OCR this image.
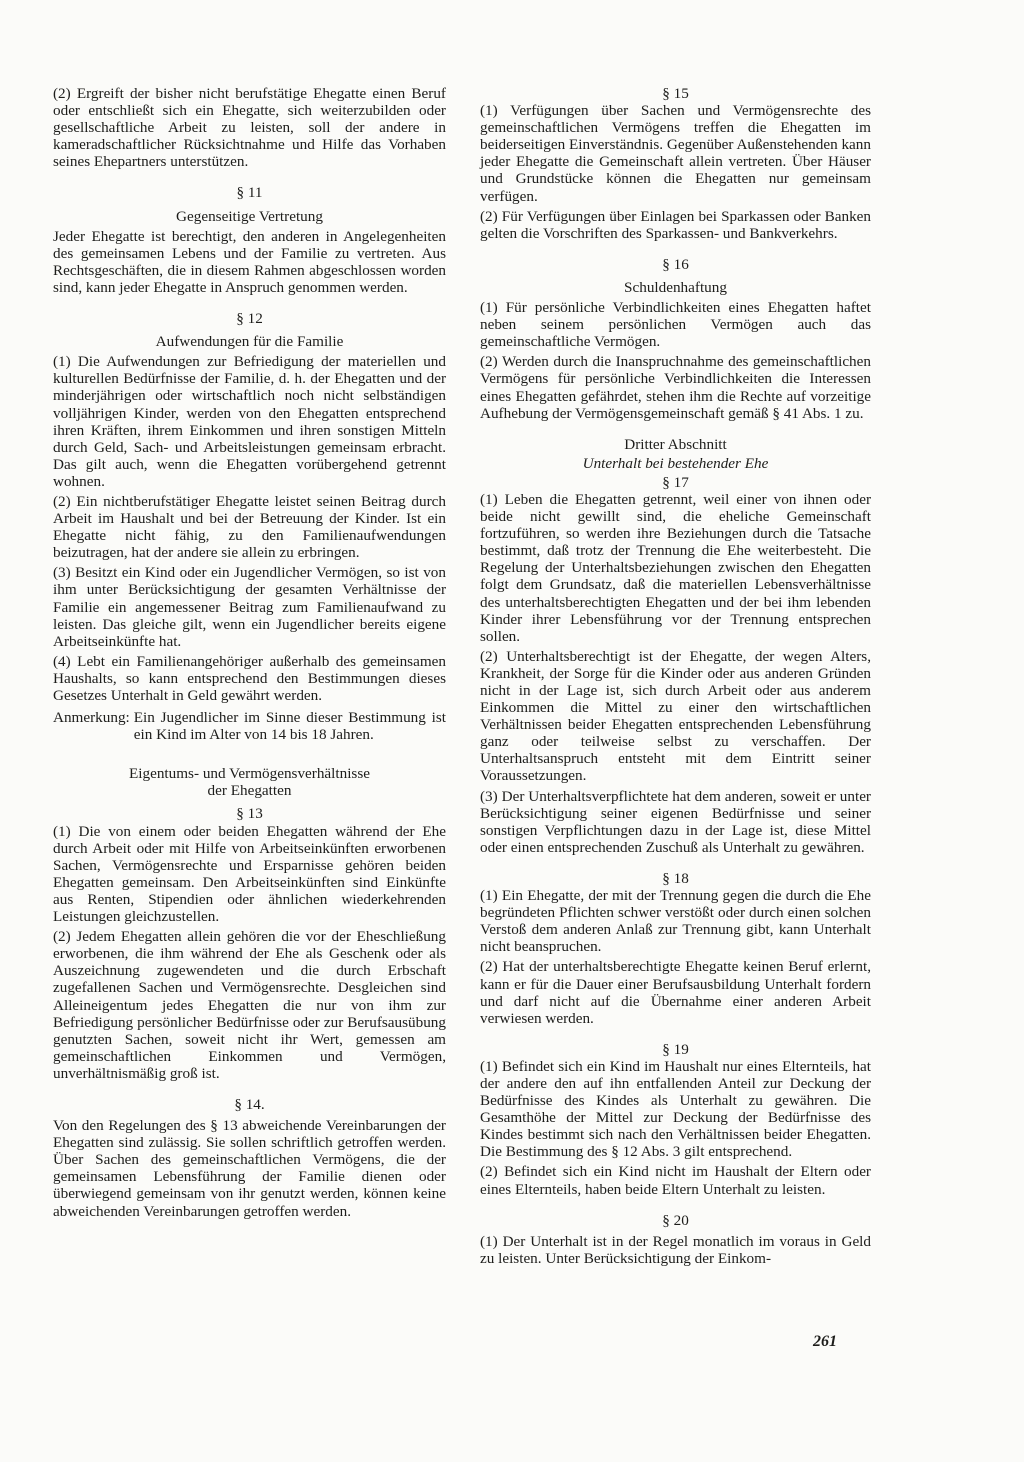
(2) Ergreift der bisher nicht berufstätige Ehegatte einen Beruf oder entschließt sich ein Ehegatte, sich weiterzubilden oder gesellschaftliche Arbeit zu leisten, soll der andere in kameradschaftlicher Rücksichtnahme und Hilfe das Vorhaben seines Ehepartners unterstützen.

§ 11

Gegenseitige Vertretung

Jeder Ehegatte ist berechtigt, den anderen in Angelegenheiten des gemeinsamen Lebens und der Familie zu vertreten. Aus Rechtsgeschäften, die in diesem Rahmen abgeschlossen worden sind, kann jeder Ehegatte in Anspruch genommen werden.

§ 12

Aufwendungen für die Familie

(1) Die Aufwendungen zur Befriedigung der materiellen und kulturellen Bedürfnisse der Familie, d. h. der Ehegatten und der minderjährigen oder wirtschaftlich noch nicht selbständigen volljährigen Kinder, werden von den Ehegatten entsprechend ihren Kräften, ihrem Einkommen und ihren sonstigen Mitteln durch Geld, Sach- und Arbeitsleistungen gemeinsam erbracht. Das gilt auch, wenn die Ehegatten vorübergehend getrennt wohnen.

(2) Ein nichtberufstätiger Ehegatte leistet seinen Beitrag durch Arbeit im Haushalt und bei der Betreuung der Kinder. Ist ein Ehegatte nicht fähig, zu den Familienaufwendungen beizutragen, hat der andere sie allein zu erbringen.

(3) Besitzt ein Kind oder ein Jugendlicher Vermögen, so ist von ihm unter Berücksichtigung der gesamten Verhältnisse der Familie ein angemessener Beitrag zum Familienaufwand zu leisten. Das gleiche gilt, wenn ein Jugendlicher bereits eigene Arbeitseinkünfte hat.

(4) Lebt ein Familienangehöriger außerhalb des gemeinsamen Haushalts, so kann entsprechend den Bestimmungen dieses Gesetzes Unterhalt in Geld gewährt werden.

Anmerkung: Ein Jugendlicher im Sinne dieser Bestimmung ist ein Kind im Alter von 14 bis 18 Jahren.

Eigentums- und Vermögensverhältnisse

der Ehegatten

§ 13

(1) Die von einem oder beiden Ehegatten während der Ehe durch Arbeit oder mit Hilfe von Arbeitseinkünften erworbenen Sachen, Vermögensrechte und Ersparnisse gehören beiden Ehegatten gemeinsam. Den Arbeitseinkünften sind Einkünfte aus Renten, Stipendien oder ähnlichen wiederkehrenden Leistungen gleichzustellen.

(2) Jedem Ehegatten allein gehören die vor der Eheschließung erworbenen, die ihm während der Ehe als Geschenk oder als Auszeichnung zugewendeten und die durch Erbschaft zugefallenen Sachen und Vermögensrechte. Desgleichen sind Alleineigentum jedes Ehegatten die nur von ihm zur Befriedigung persönlicher Bedürfnisse oder zur Berufsausübung genutzten Sachen, soweit nicht ihr Wert, gemessen am gemeinschaftlichen Einkommen und Vermögen, unverhältnismäßig groß ist.

§ 14.

Von den Regelungen des § 13 abweichende Vereinbarungen der Ehegatten sind zulässig. Sie sollen schriftlich getroffen werden. Über Sachen des gemeinschaftlichen Vermögens, die der gemeinsamen Lebensführung der Familie dienen oder überwiegend gemeinsam von ihr genutzt werden, können keine abweichenden Vereinbarungen getroffen werden.

§ 15

(1) Verfügungen über Sachen und Vermögensrechte des gemeinschaftlichen Vermögens treffen die Ehegatten im beiderseitigen Einverständnis. Gegenüber Außenstehenden kann jeder Ehegatte die Gemeinschaft allein vertreten. Über Häuser und Grundstücke können die Ehegatten nur gemeinsam verfügen.

(2) Für Verfügungen über Einlagen bei Sparkassen oder Banken gelten die Vorschriften des Sparkassen- und Bankverkehrs.

§ 16

Schuldenhaftung

(1) Für persönliche Verbindlichkeiten eines Ehegatten haftet neben seinem persönlichen Vermögen auch das gemeinschaftliche Vermögen.

(2) Werden durch die Inanspruchnahme des gemeinschaftlichen Vermögens für persönliche Verbindlichkeiten die Interessen eines Ehegatten gefährdet, stehen ihm die Rechte auf vorzeitige Aufhebung der Vermögensgemeinschaft gemäß § 41 Abs. 1 zu.

Dritter Abschnitt

Unterhalt bei bestehender Ehe

§ 17

(1) Leben die Ehegatten getrennt, weil einer von ihnen oder beide nicht gewillt sind, die eheliche Gemeinschaft fortzuführen, so werden ihre Beziehungen durch die Tatsache bestimmt, daß trotz der Trennung die Ehe weiterbesteht. Die Regelung der Unterhaltsbeziehungen zwischen den Ehegatten folgt dem Grundsatz, daß die materiellen Lebensverhältnisse des unterhaltsberechtigten Ehegatten und der bei ihm lebenden Kinder ihrer Lebensführung vor der Trennung entsprechen sollen.

(2) Unterhaltsberechtigt ist der Ehegatte, der wegen Alters, Krankheit, der Sorge für die Kinder oder aus anderen Gründen nicht in der Lage ist, sich durch Arbeit oder aus anderem Einkommen die Mittel zu einer den wirtschaftlichen Verhältnissen beider Ehegatten entsprechenden Lebensführung ganz oder teilweise selbst zu verschaffen. Der Unterhaltsanspruch entsteht mit dem Eintritt seiner Voraussetzungen.

(3) Der Unterhaltsverpflichtete hat dem anderen, soweit er unter Berücksichtigung seiner eigenen Bedürfnisse und seiner sonstigen Verpflichtungen dazu in der Lage ist, diese Mittel oder einen entsprechenden Zuschuß als Unterhalt zu gewähren.

§ 18

(1) Ein Ehegatte, der mit der Trennung gegen die durch die Ehe begründeten Pflichten schwer verstößt oder durch einen solchen Verstoß dem anderen Anlaß zur Trennung gibt, kann Unterhalt nicht beanspruchen.

(2) Hat der unterhaltsberechtigte Ehegatte keinen Beruf erlernt, kann er für die Dauer einer Berufsausbildung Unterhalt fordern und darf nicht auf die Übernahme einer anderen Arbeit verwiesen werden.

§ 19

(1) Befindet sich ein Kind im Haushalt nur eines Elternteils, hat der andere den auf ihn entfallenden Anteil zur Deckung der Bedürfnisse des Kindes als Unterhalt zu gewähren. Die Gesamthöhe der Mittel zur Deckung der Bedürfnisse des Kindes bestimmt sich nach den Verhältnissen beider Ehegatten. Die Bestimmung des § 12 Abs. 3 gilt entsprechend.

(2) Befindet sich ein Kind nicht im Haushalt der Eltern oder eines Elternteils, haben beide Eltern Unterhalt zu leisten.

§ 20

(1) Der Unterhalt ist in der Regel monatlich im voraus in Geld zu leisten. Unter Berücksichtigung der Einkom-

261
